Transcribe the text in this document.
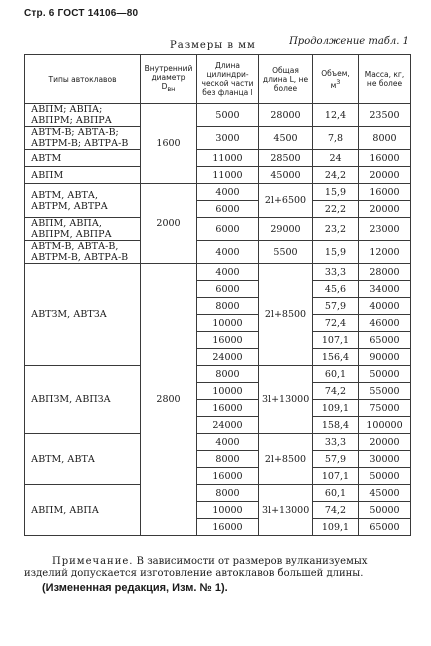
Стр. 6 ГОСТ 14106—80
Продолжение табл. 1
Размеры в мм
Типы автоклавов	Внутренний диаметр Dвн	Длина цилиндри-ческой части без фланца l	Общая длина L, не более	Объем, м3	Масса, кг, не более
АВПМ; АВПА; АВПРМ; АВПРА	1600	5000	28000	12,4	23500
АВТМ-В; АВТА-В; АВТРМ-В; АВТРА-В		3000	4500	7,8	8000
АВТМ		11000	28500	24	16000
АВПМ		11000	45000	24,2	20000
АВТМ, АВТА, АВТРМ, АВТРА	2000	4000	2l+6500	15,9	16000
		6000		22,2	20000
АВПМ, АВПА, АВПРМ, АВПРА		6000	29000	23,2	23000
АВТМ-В, АВТА-В, АВТРМ-В, АВТРА-В		4000	5500	15,9	12000
АВТЗМ, АВТЗА	2800	4000	2l+8500	33,3	28000
		6000		45,6	34000
		8000		57,9	40000
		10000		72,4	46000
		16000		107,1	65000
		24000		156,4	90000
АВПЗМ, АВПЗА		8000	3l+13000	60,1	50000
		10000		74,2	55000
		16000		109,1	75000
		24000		158,4	100000
АВТМ, АВТА		4000	2l+8500	33,3	20000
		8000		57,9	30000
		16000		107,1	50000
АВПМ, АВПА		8000	3l+13000	60,1	45000
		10000		74,2	50000
		16000		109,1	65000
Примечание. В зависимости от размеров вулканизуемых изделий допускается изготовление автоклавов большей длины.
(Измененная редакция, Изм. № 1).
